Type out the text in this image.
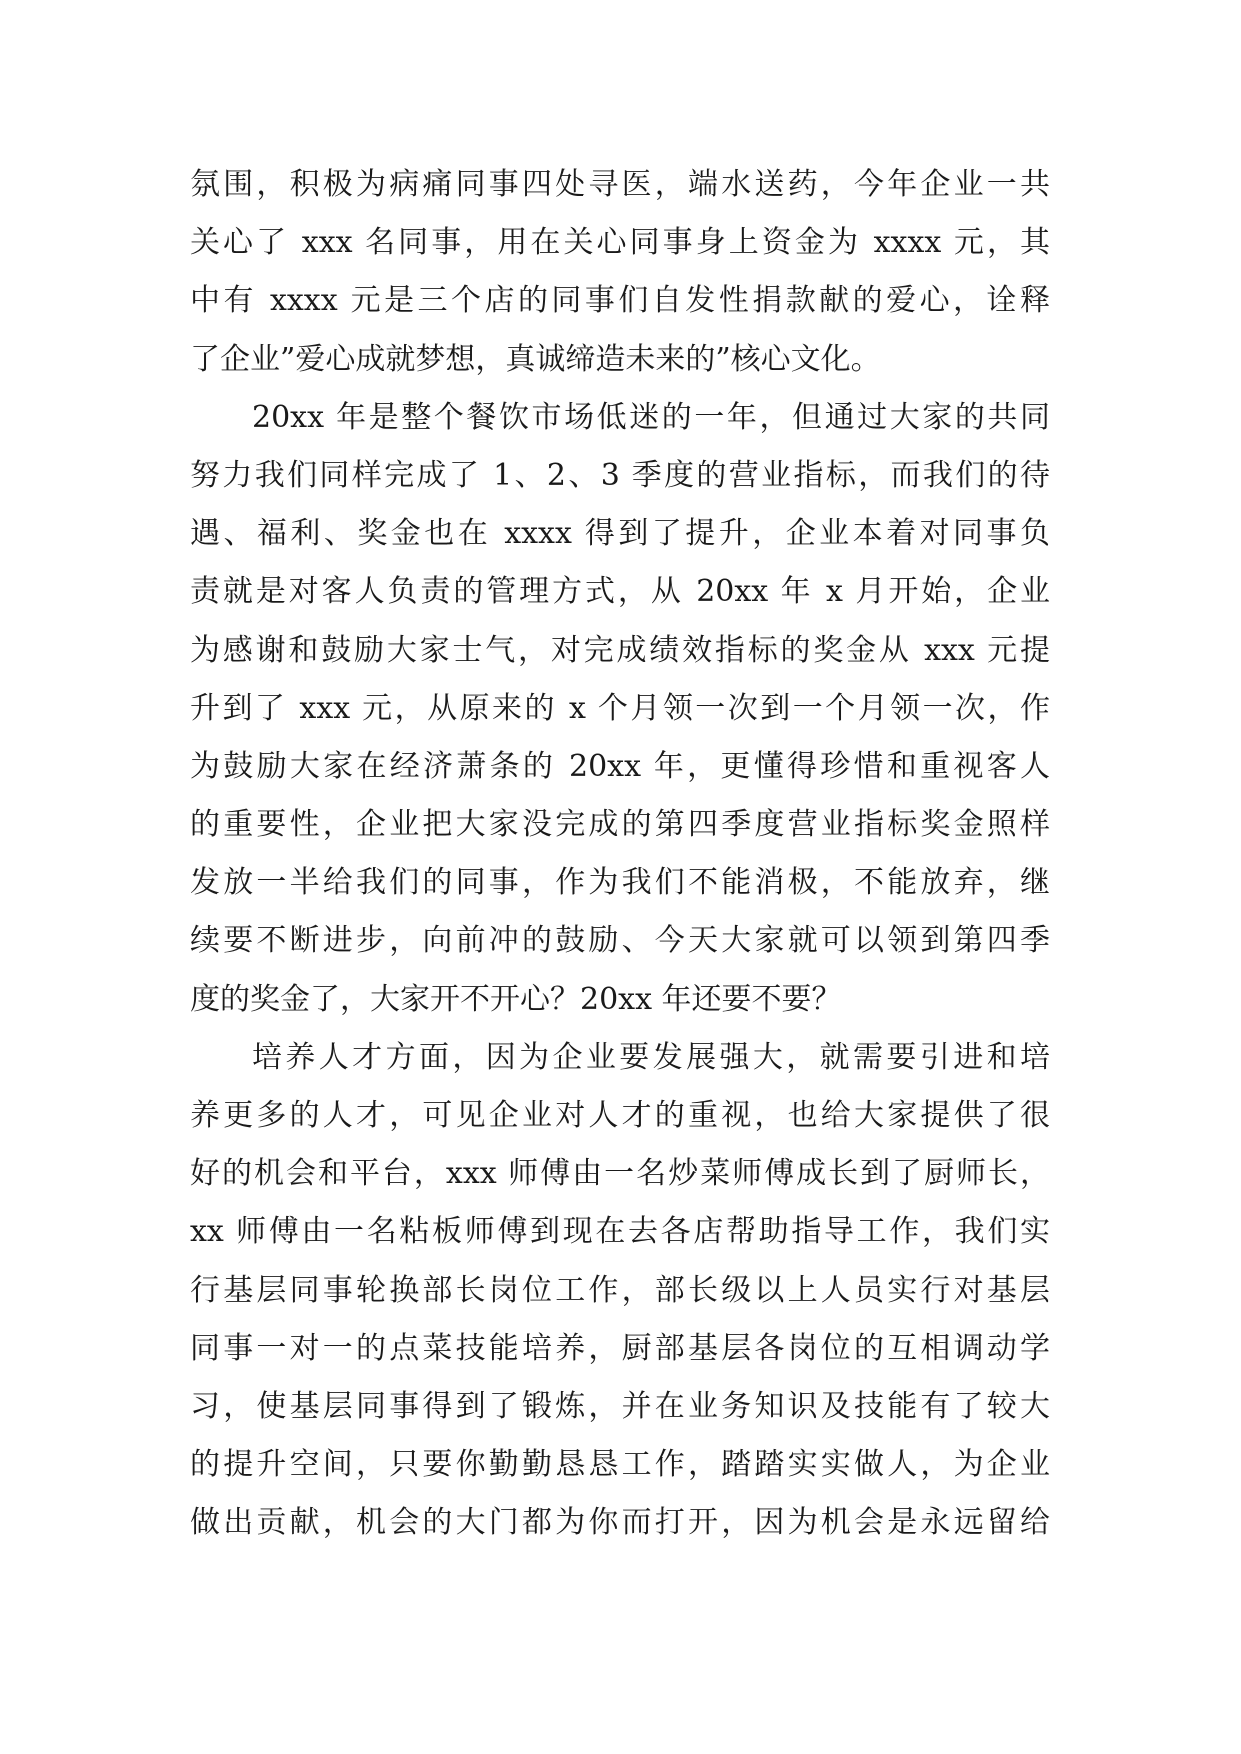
氛围，积极为病痛同事四处寻医，端水送药，今年企业一共
关心了 xxx 名同事，用在关心同事身上资金为 xxxx 元，其
中有 xxxx 元是三个店的同事们自发性捐款献的爱心，诠释
了企业”爱心成就梦想，真诚缔造未来的”核心文化。
20xx 年是整个餐饮市场低迷的一年，但通过大家的共同
努力我们同样完成了 1、2、3 季度的营业指标，而我们的待
遇、福利、奖金也在 xxxx 得到了提升，企业本着对同事负
责就是对客人负责的管理方式，从 20xx 年 x 月开始，企业
为感谢和鼓励大家士气，对完成绩效指标的奖金从 xxx 元提
升到了 xxx 元，从原来的 x 个月领一次到一个月领一次，作
为鼓励大家在经济萧条的 20xx 年，更懂得珍惜和重视客人
的重要性，企业把大家没完成的第四季度营业指标奖金照样
发放一半给我们的同事，作为我们不能消极，不能放弃，继
续要不断进步，向前冲的鼓励、今天大家就可以领到第四季
度的奖金了，大家开不开心？20xx 年还要不要？
培养人才方面，因为企业要发展强大，就需要引进和培
养更多的人才，可见企业对人才的重视，也给大家提供了很
好的机会和平台，xxx 师傅由一名炒菜师傅成长到了厨师长，
xx 师傅由一名粘板师傅到现在去各店帮助指导工作，我们实
行基层同事轮换部长岗位工作，部长级以上人员实行对基层
同事一对一的点菜技能培养，厨部基层各岗位的互相调动学
习，使基层同事得到了锻炼，并在业务知识及技能有了较大
的提升空间，只要你勤勤恳恳工作，踏踏实实做人，为企业
做出贡献，机会的大门都为你而打开，因为机会是永远留给
